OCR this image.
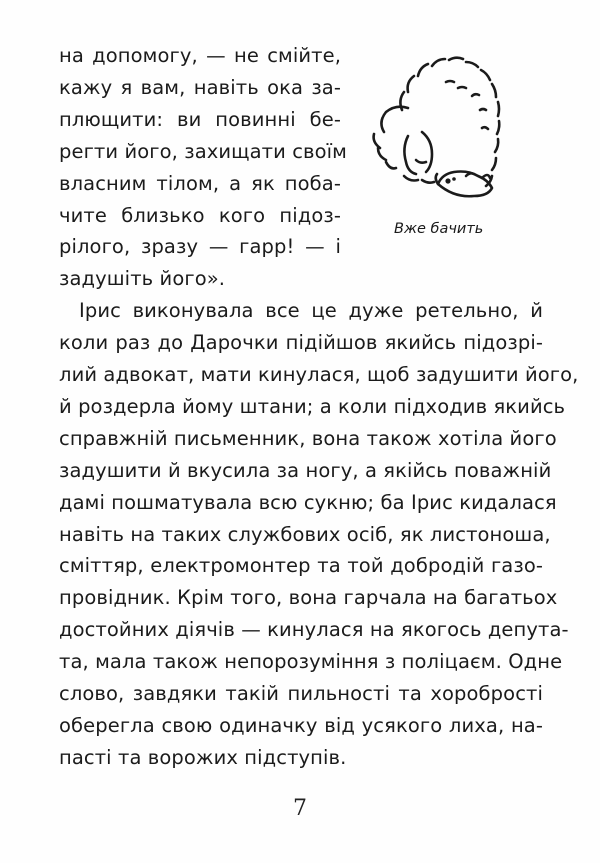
на допомогу, — не смійте,
кажу я вам, навіть ока за-
плющити: ви повинні бе-
регти його, захищати своїм
власним тілом, а як поба-
чите близько кого підоз-
рілого, зразу — гарр! — і
задушіть його».
Ірис виконувала все це дуже ретельно, й
коли раз до Дарочки підійшов якийсь підозрі-
лий адвокат, мати кинулася, щоб задушити його,
й роздерла йому штани; а коли підходив якийсь
справжній письменник, вона також хотіла його
задушити й вкусила за ногу, а якійсь поважній
дамі пошматувала всю сукню; ба Ірис кидалася
навіть на таких службових осіб, як листоноша,
сміттяр, електромонтер та той добродій газо-
провідник. Крім того, вона гарчала на багатьох
достойних діячів — кинулася на якогось депута-
та, мала також непорозуміння з поліцаєм. Одне
слово, завдяки такій пильності та хоробрості
Вже бачить
7
оберегла свою одиначку від усякого лиха, на-
пасті та ворожих підступів.
